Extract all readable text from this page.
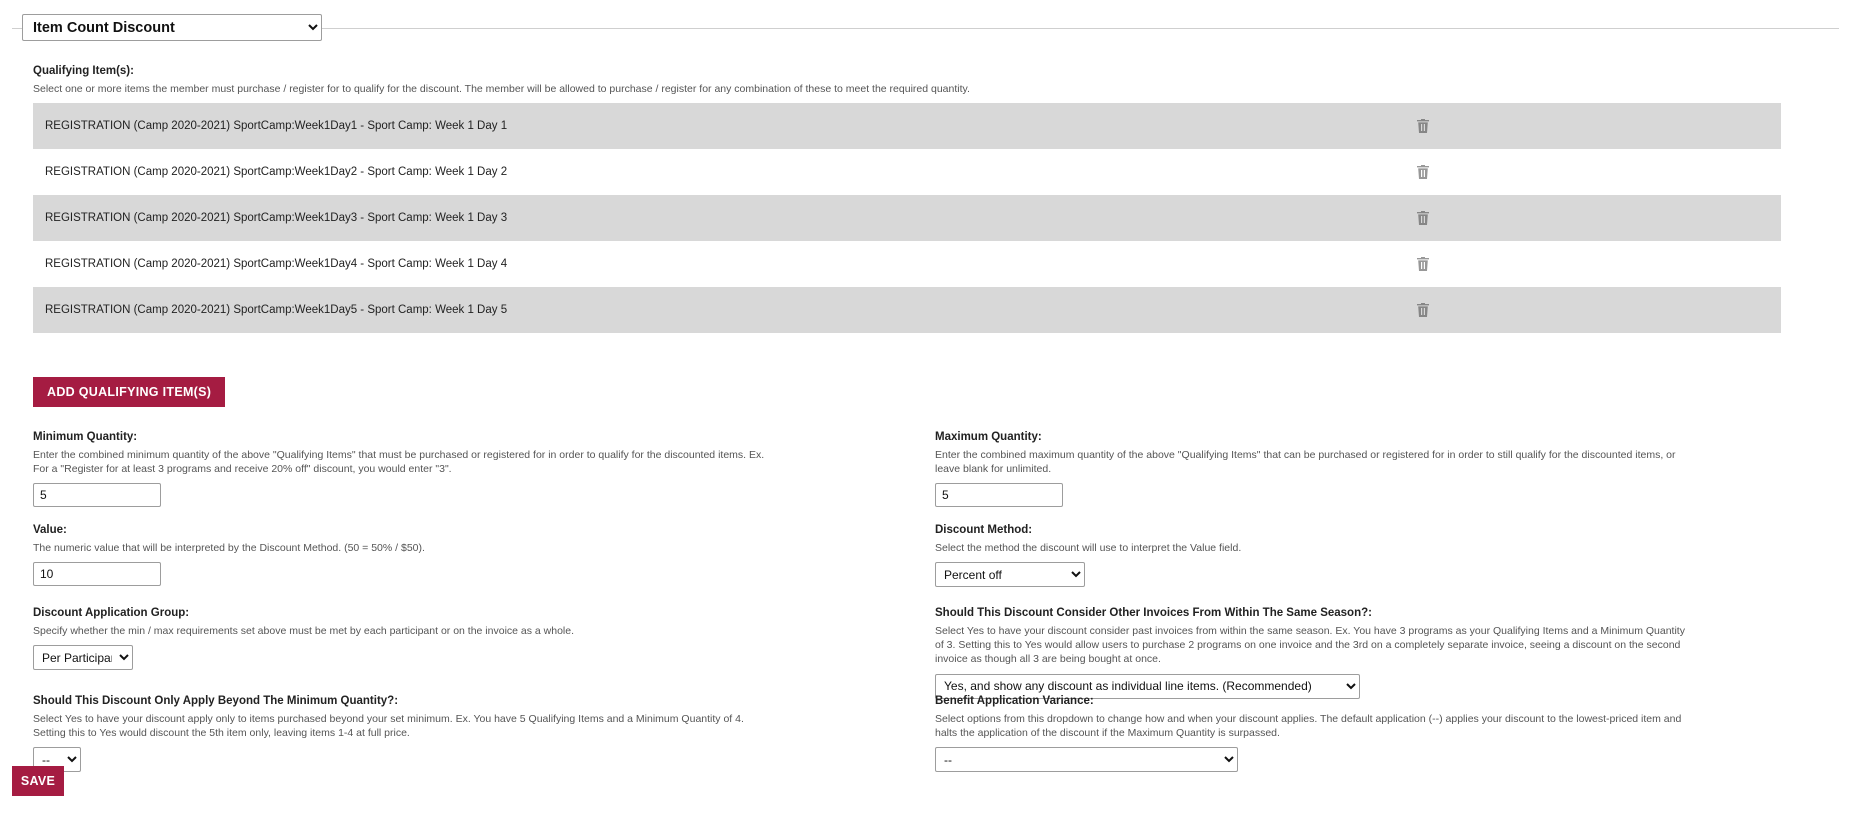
Item Count Discount
Qualifying Item(s):
Select one or more items the member must purchase / register for to qualify for the discount. The member will be allowed to purchase / register for any combination of these to meet the required quantity.
REGISTRATION (Camp 2020-2021) SportCamp:Week1Day1 - Sport Camp: Week 1 Day 1
REGISTRATION (Camp 2020-2021) SportCamp:Week1Day2 - Sport Camp: Week 1 Day 2
REGISTRATION (Camp 2020-2021) SportCamp:Week1Day3 - Sport Camp: Week 1 Day 3
REGISTRATION (Camp 2020-2021) SportCamp:Week1Day4 - Sport Camp: Week 1 Day 4
REGISTRATION (Camp 2020-2021) SportCamp:Week1Day5 - Sport Camp: Week 1 Day 5
ADD QUALIFYING ITEM(S)
Minimum Quantity:
Enter the combined minimum quantity of the above "Qualifying Items" that must be purchased or registered for in order to qualify for the discounted items. Ex. For a "Register for at least 3 programs and receive 20% off" discount, you would enter "3".
5
Maximum Quantity:
Enter the combined maximum quantity of the above "Qualifying Items" that can be purchased or registered for in order to still qualify for the discounted items, or leave blank for unlimited.
5
Value:
The numeric value that will be interpreted by the Discount Method. (50 = 50% / $50).
10
Discount Method:
Select the method the discount will use to interpret the Value field.
Percent off
Discount Application Group:
Specify whether the min / max requirements set above must be met by each participant or on the invoice as a whole.
Per Participant
Should This Discount Consider Other Invoices From Within The Same Season?:
Select Yes to have your discount consider past invoices from within the same season. Ex. You have 3 programs as your Qualifying Items and a Minimum Quantity of 3. Setting this to Yes would allow users to purchase 2 programs on one invoice and the 3rd on a completely separate invoice, seeing a discount on the second invoice as though all 3 are being bought at once.
Yes, and show any discount as individual line items. (Recommended)
Should This Discount Only Apply Beyond The Minimum Quantity?:
Select Yes to have your discount apply only to items purchased beyond your set minimum. Ex. You have 5 Qualifying Items and a Minimum Quantity of 4. Setting this to Yes would discount the 5th item only, leaving items 1-4 at full price.
--
Benefit Application Variance:
Select options from this dropdown to change how and when your discount applies. The default application (--) applies your discount to the lowest-priced item and halts the application of the discount if the Maximum Quantity is surpassed.
--
SAVE
